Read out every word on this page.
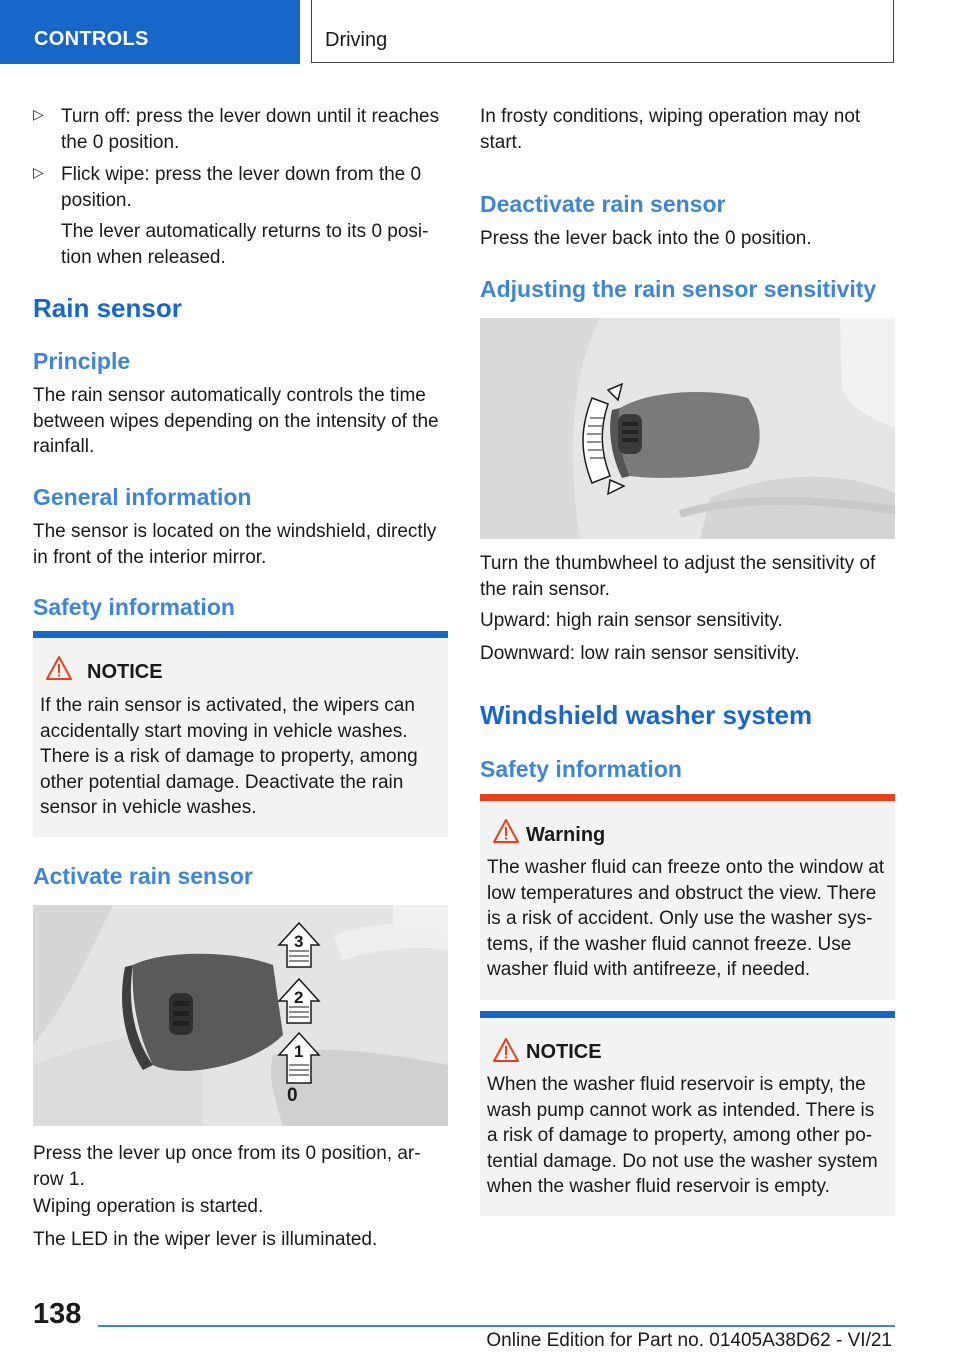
CONTROLS	Driving
▷ Turn off: press the lever down until it reaches the 0 position.
▷ Flick wipe: press the lever down from the 0 position.
The lever automatically returns to its 0 posi-tion when released.
Rain sensor
Principle

The rain sensor automatically controls the time between wipes depending on the intensity of the rainfall.

General information

The sensor is located on the windshield, directly in front of the interior mirror.

Safety information
NOTICE
If the rain sensor is activated, the wipers can accidentally start moving in vehicle washes. There is a risk of damage to property, among other potential damage. Deactivate the rain sensor in vehicle washes.
Activate rain sensor
1
2
3
0

Press the lever up once from its 0 position, ar-row 1.

Wiping operation is started.

The LED in the wiper lever is illuminated.

In frosty conditions, wiping operation may not start.

Deactivate rain sensor

Press the lever back into the 0 position.

Adjusting the rain sensor sensitivity

Turn the thumbwheel to adjust the sensitivity of the rain sensor.

Upward: high rain sensor sensitivity.

Downward: low rain sensor sensitivity.

Windshield washer system
Safety information
Warning
The washer fluid can freeze onto the window at low temperatures and obstruct the view. There is a risk of accident. Only use the washer sys-tems, if the washer fluid cannot freeze. Use washer fluid with antifreeze, if needed.
NOTICE
When the washer fluid reservoir is empty, the wash pump cannot work as intended. There is a risk of damage to property, among other po-tential damage. Do not use the washer system when the washer fluid reservoir is empty.
138
Online Edition for Part no. 01405A38D62 - VI/21
